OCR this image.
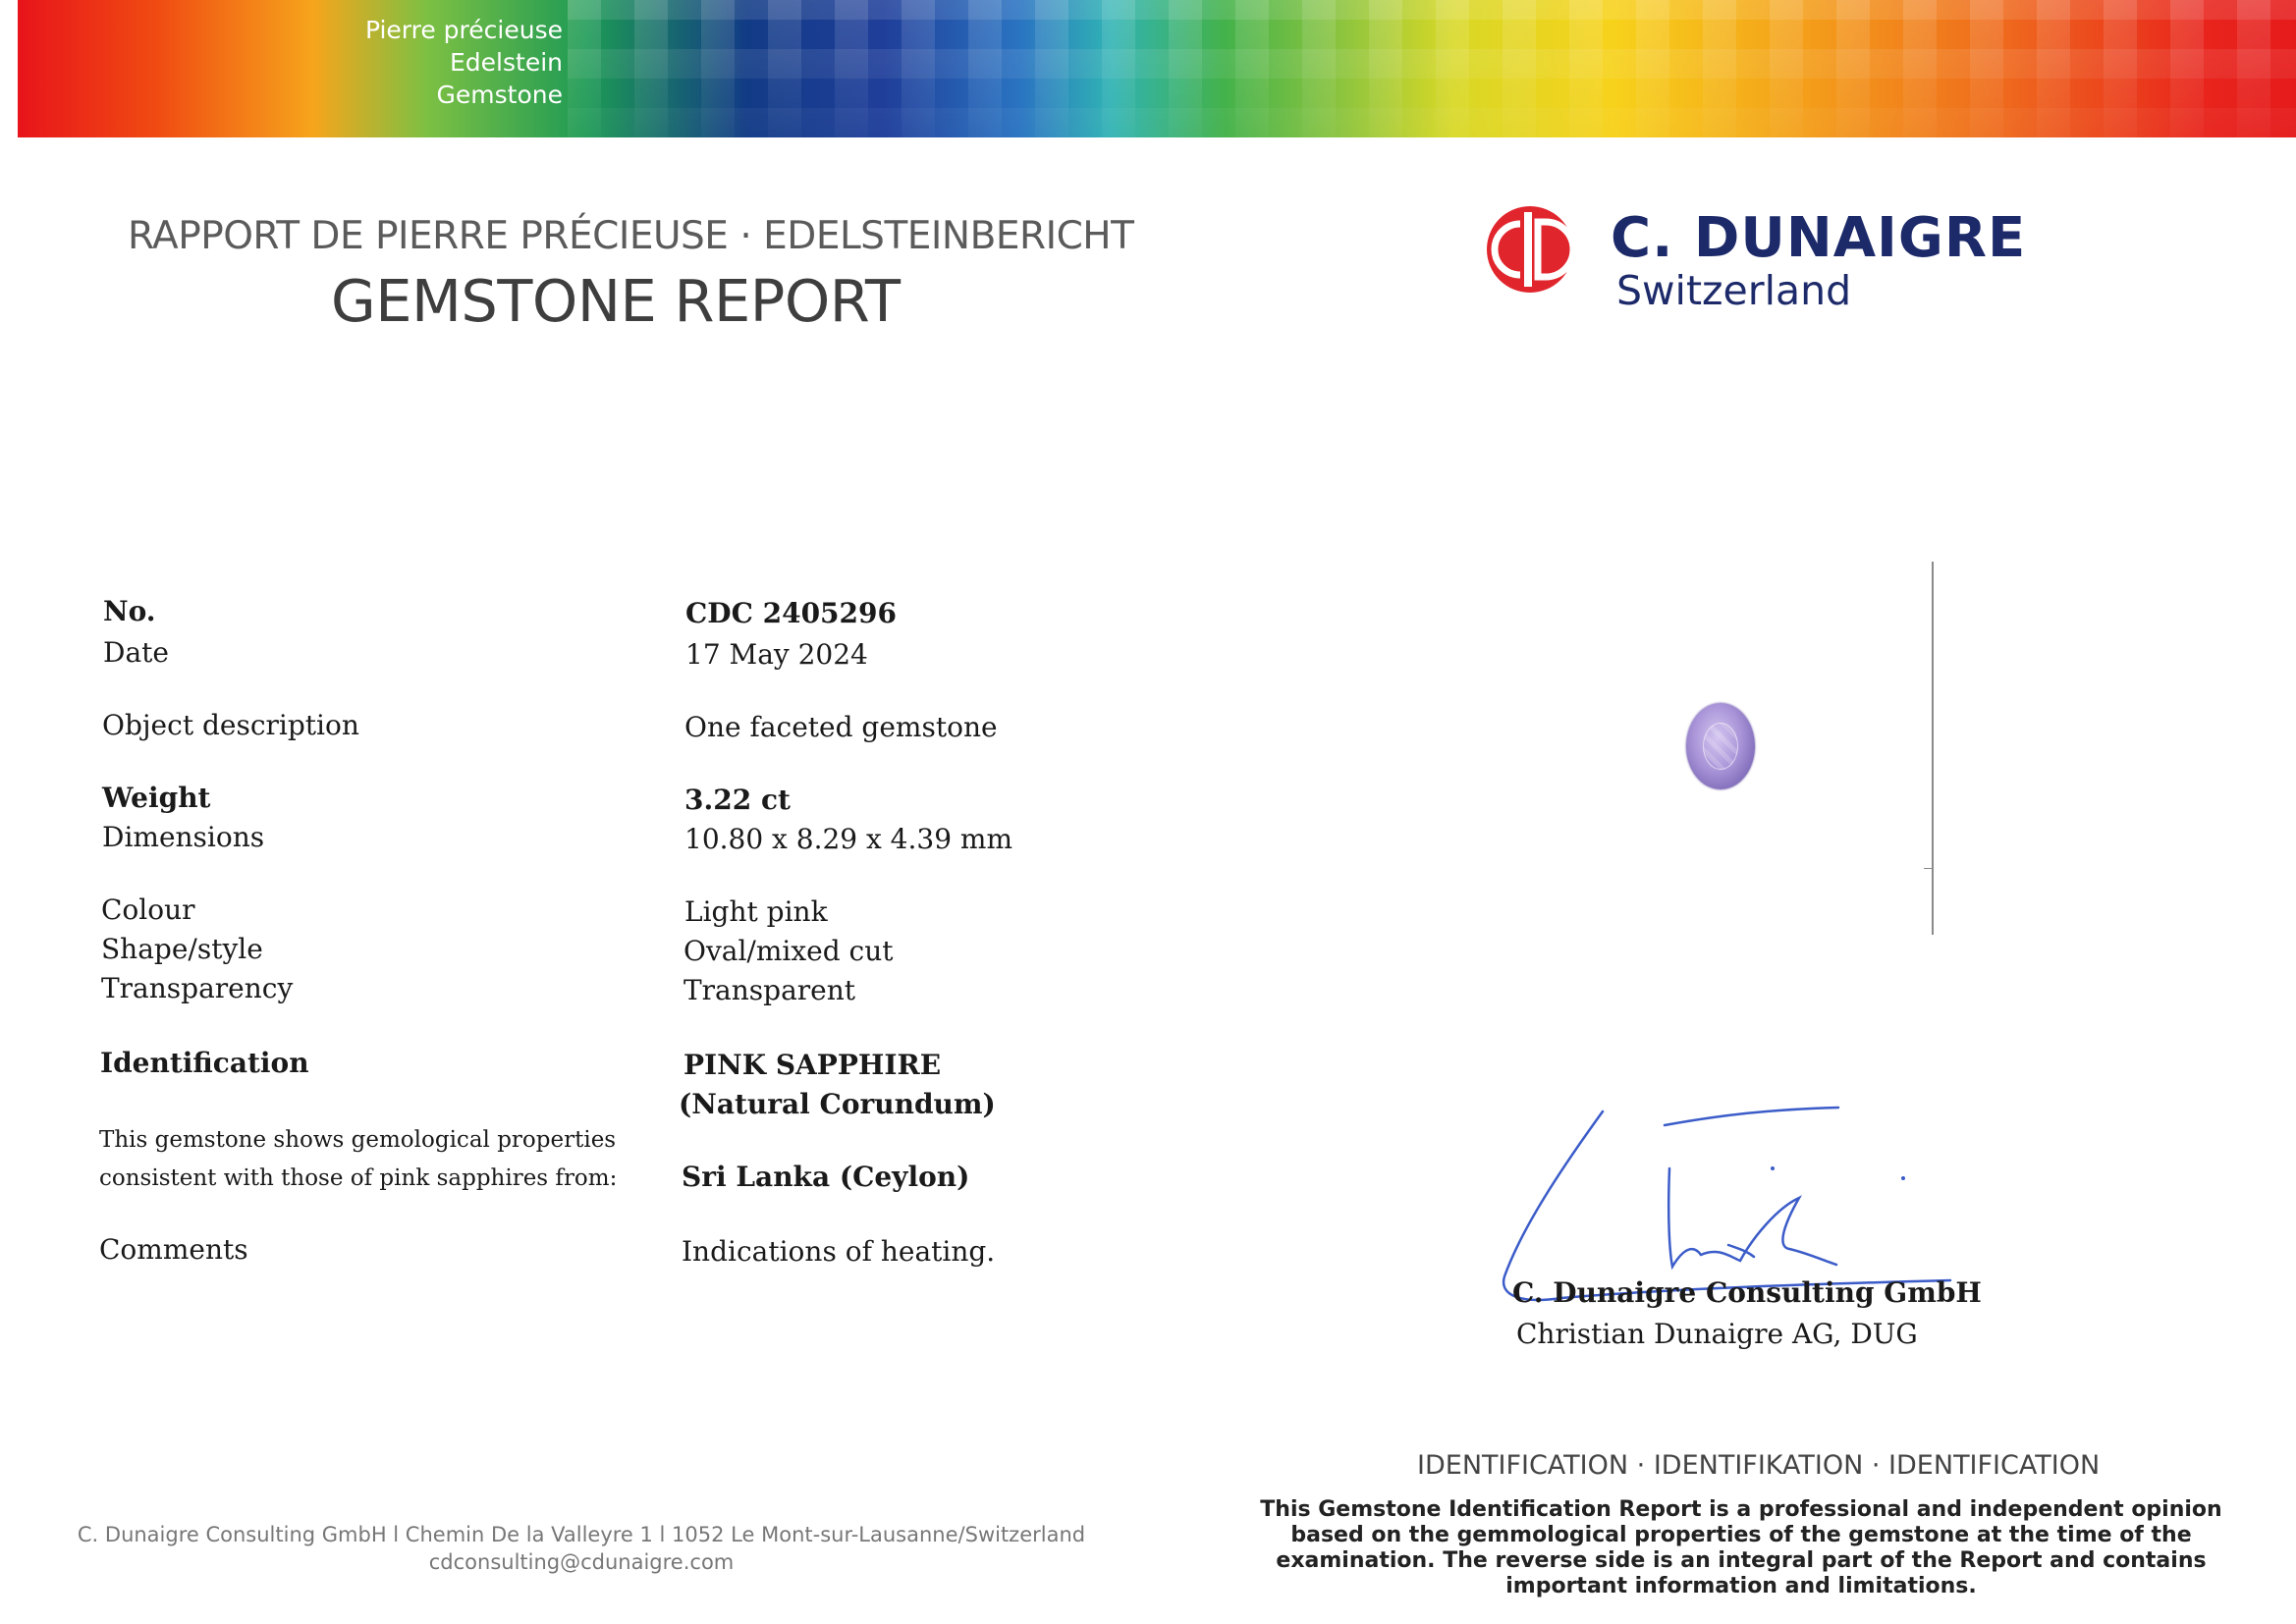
Pierre précieuse
Edelstein
Gemstone
RAPPORT DE PIERRE PRÉCIEUSE · EDELSTEINBERICHT
GEMSTONE REPORT
C. DUNAIGRE
Switzerland
No.	CDC 2405296
Date	17 May 2024
Object description	One faceted gemstone
Weight	3.22 ct
Dimensions	10.80 x 8.29 x 4.39 mm
Colour	Light pink
Shape/style	Oval/mixed cut
Transparency	Transparent
Identification	PINK SAPPHIRE
(Natural Corundum)
This gemstone shows gemological properties
consistent with those of pink sapphires from: Sri Lanka (Ceylon)
Comments	Indications of heating.
C. Dunaigre Consulting GmbH
Christian Dunaigre AG, DUG
C. Dunaigre Consulting GmbH l Chemin De la Valleyre 1 l 1052 Le Mont-sur-Lausanne/Switzerland
cdconsulting@cdunaigre.com
IDENTIFICATION · IDENTIFIKATION · IDENTIFICATION
This Gemstone Identification Report is a professional and independent opinion
based on the gemmological properties of the gemstone at the time of the
examination. The reverse side is an integral part of the Report and contains
important information and limitations.
